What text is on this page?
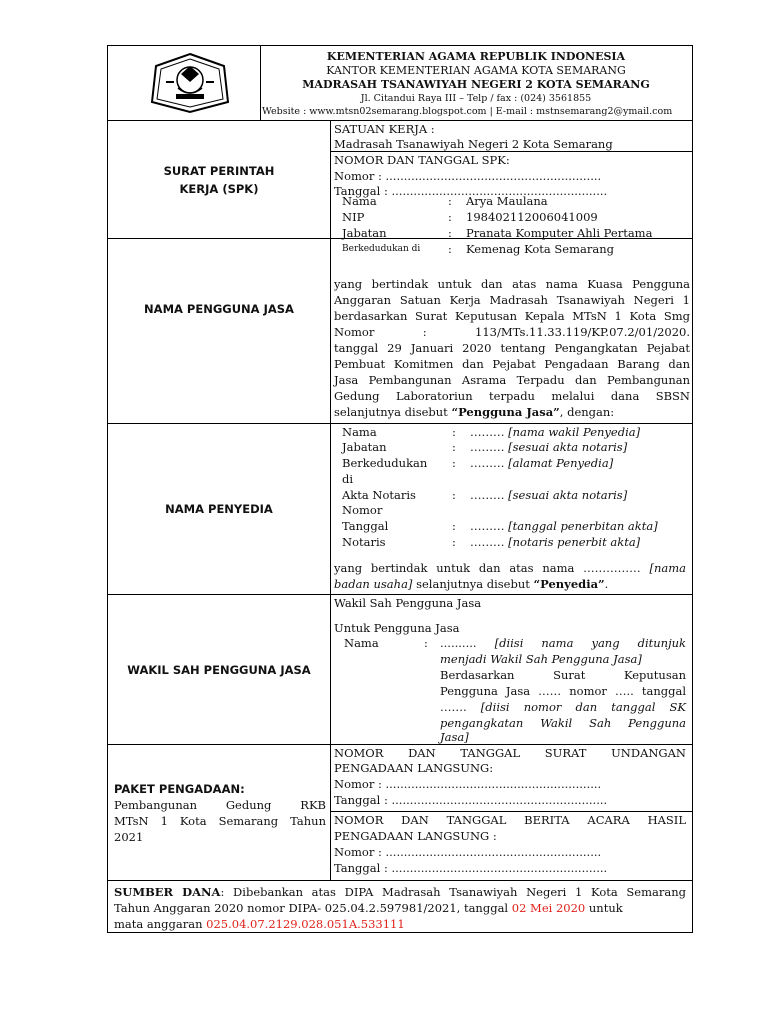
KEMENTERIAN AGAMA REPUBLIK INDONESIA
KANTOR KEMENTERIAN AGAMA KOTA SEMARANG
MADRASAH TSANAWIYAH NEGERI 2 KOTA SEMARANG
Jl. Citandui Raya III – Telp / fax : (024) 3561855
Website : www.mtsn02semarang.blogspot.com | E-mail : mstnsemarang2@ymail.com
SURAT PERINTAH KERJA (SPK)
SATUAN KERJA :
Madrasah Tsanawiyah Negeri 2 Kota Semarang
NOMOR DAN TANGGAL SPK:
Nomor : ...........................................................
Tanggal : ...........................................................
NAMA PENGGUNA JASA
Nama	: Arya Maulana
NIP	: 198402112006041009
Jabatan	: Pranata Komputer Ahli Pertama
Berkedudukan di : Kemenag Kota Semarang
yang bertindak untuk dan atas nama Kuasa Pengguna
Anggaran Satuan Kerja Madrasah Tsanawiyah Negeri 1
berdasarkan Surat Keputusan Kepala MTsN 1 Kota Smg
Nomor : 113/MTs.11.33.119/KP.07.2/01/2020.
tanggal 29 Januari 2020 tentang Pengangkatan Pejabat
Pembuat Komitmen dan Pejabat Pengadaan Barang dan
Jasa Pembangunan Asrama Terpadu dan Pembangunan
Gedung Laboratoriun terpadu melalui dana SBSN
selanjutnya disebut “Pengguna Jasa”, dengan:
NAMA PENYEDIA
Nama	: ……… [nama wakil Penyedia]
Jabatan	: ……… [sesuai akta notaris]
Berkedudukan : ……… [alamat Penyedia]
di
Akta Notaris	: ……… [sesuai akta notaris]
Nomor
Tanggal	: ……… [tanggal penerbitan akta]
Notaris	: ……… [notaris penerbit akta]
yang bertindak untuk dan atas nama …………… [nama
badan usaha] selanjutnya disebut “Penyedia”.
WAKIL SAH PENGGUNA JASA
Wakil Sah Pengguna Jasa
Untuk Pengguna Jasa
Nama	: .......... [diisi nama yang ditunjuk
menjadi Wakil Sah Pengguna Jasa]
Berdasarkan Surat Keputusan
Pengguna Jasa …… nomor ….. tanggal
……. [diisi nomor dan tanggal SK
pengangkatan Wakil Sah Pengguna
Jasa]
PAKET PENGADAAN:
Pembangunan Gedung RKB
MTsN 1 Kota Semarang Tahun
2021
NOMOR DAN TANGGAL SURAT UNDANGAN
PENGADAAN LANGSUNG:
Nomor : ...........................................................
Tanggal : ...........................................................
NOMOR DAN TANGGAL BERITA ACARA HASIL
PENGADAAN LANGSUNG :
Nomor : ...........................................................
Tanggal : ...........................................................
SUMBER DANA: Dibebankan atas DIPA Madrasah Tsanawiyah Negeri 1 Kota Semarang
Tahun Anggaran 2020 nomor DIPA- 025.04.2.597981/2021, tanggal 02 Mei 2020 untuk
mata anggaran 025.04.07.2129.028.051A.533111
